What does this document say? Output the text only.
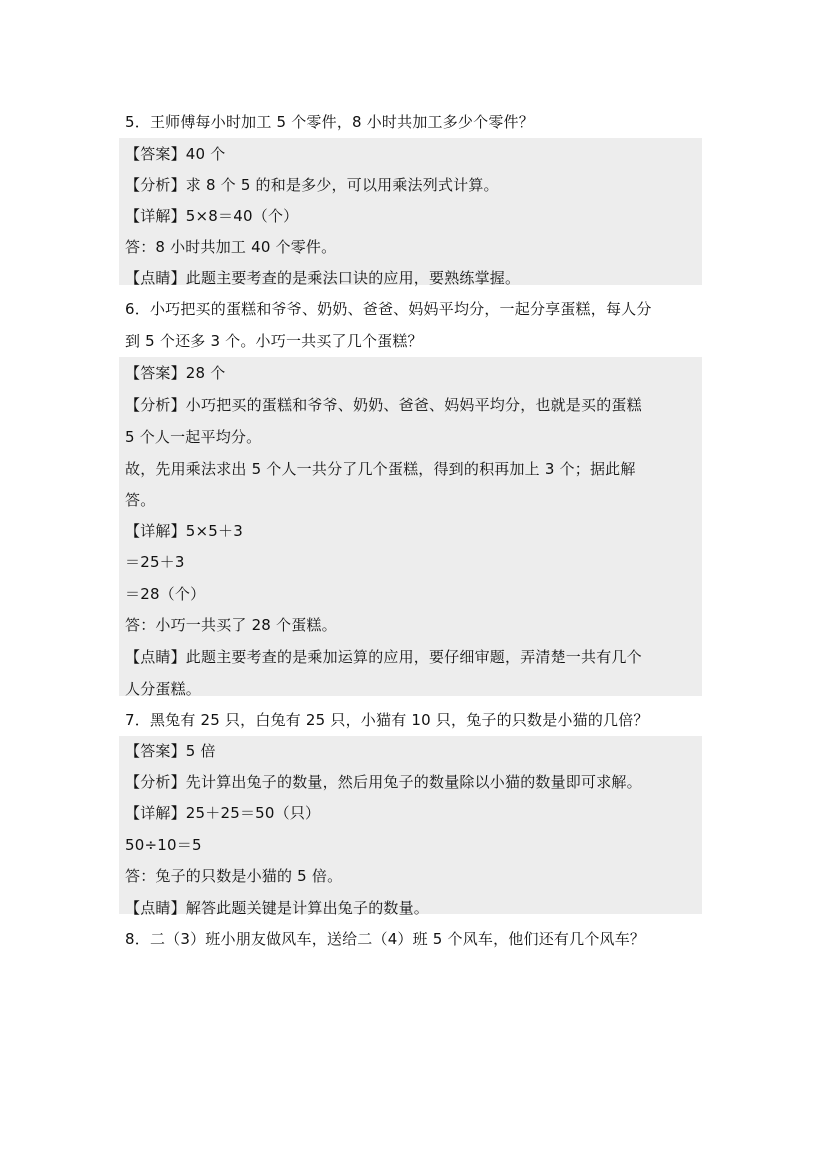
5．王师傅每小时加工 5 个零件，8 小时共加工多少个零件？
【答案】40 个
【分析】求 8 个 5 的和是多少，可以用乘法列式计算。
【详解】5×8＝40（个）
答：8 小时共加工 40 个零件。
【点睛】此题主要考查的是乘法口诀的应用，要熟练掌握。
6．小巧把买的蛋糕和爷爷、奶奶、爸爸、妈妈平均分，一起分享蛋糕，每人分
到 5 个还多 3 个。小巧一共买了几个蛋糕？
【答案】28 个
【分析】小巧把买的蛋糕和爷爷、奶奶、爸爸、妈妈平均分，也就是买的蛋糕
5 个人一起平均分。
故，先用乘法求出 5 个人一共分了几个蛋糕，得到的积再加上 3 个；据此解
答。
【详解】5×5＋3
＝25＋3
＝28（个）
答：小巧一共买了 28 个蛋糕。
【点睛】此题主要考查的是乘加运算的应用，要仔细审题，弄清楚一共有几个
人分蛋糕。
7．黑兔有 25 只，白兔有 25 只，小猫有 10 只，兔子的只数是小猫的几倍？
【答案】5 倍
【分析】先计算出兔子的数量，然后用兔子的数量除以小猫的数量即可求解。
【详解】25＋25＝50（只）
50÷10＝5
答：兔子的只数是小猫的 5 倍。
【点睛】解答此题关键是计算出兔子的数量。
8．二（3）班小朋友做风车，送给二（4）班 5 个风车，他们还有几个风车？
